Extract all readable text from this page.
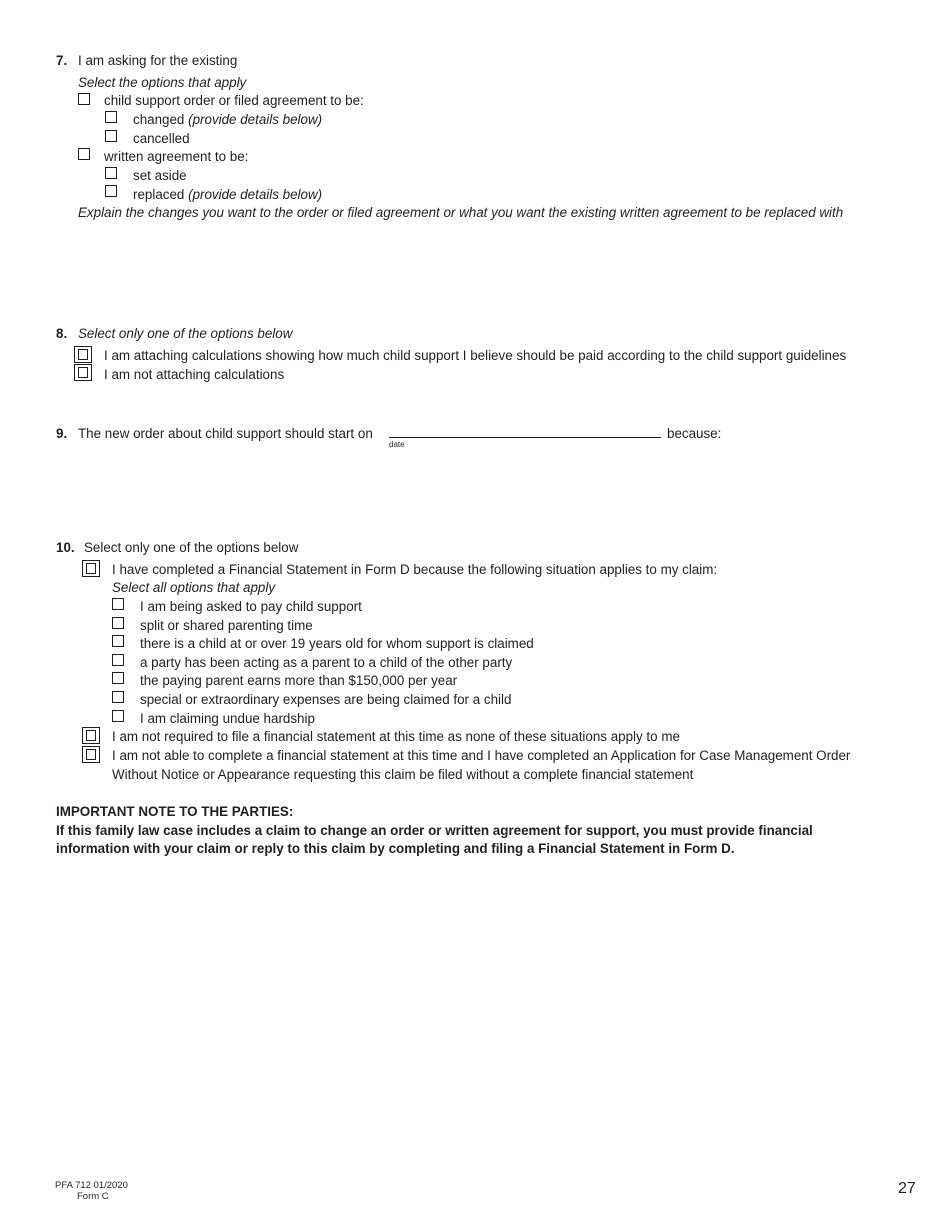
7. I am asking for the existing
Select the options that apply
child support order or filed agreement to be:
changed (provide details below)
cancelled
written agreement to be:
set aside
replaced (provide details below)
Explain the changes you want to the order or filed agreement or what you want the existing written agreement to be replaced with
8. Select only one of the options below
I am attaching calculations showing how much child support I believe should be paid according to the child support guidelines
I am not attaching calculations
9. The new order about child support should start on
date
because:
10. Select only one of the options below
I have completed a Financial Statement in Form D because the following situation applies to my claim:
Select all options that apply
I am being asked to pay child support
split or shared parenting time
there is a child at or over 19 years old for whom support is claimed
a party has been acting as a parent to a child of the other party
the paying parent earns more than $150,000 per year
special or extraordinary expenses are being claimed for a child
I am claiming undue hardship
I am not required to file a financial statement at this time as none of these situations apply to me
I am not able to complete a financial statement at this time and I have completed an Application for Case Management Order
Without Notice or Appearance requesting this claim be filed without a complete financial statement
IMPORTANT NOTE TO THE PARTIES:
If this family law case includes a claim to change an order or written agreement for support, you must provide financial
information with your claim or reply to this claim by completing and filing a Financial Statement in Form D.
PFA 712 01/2020
Form C	27
